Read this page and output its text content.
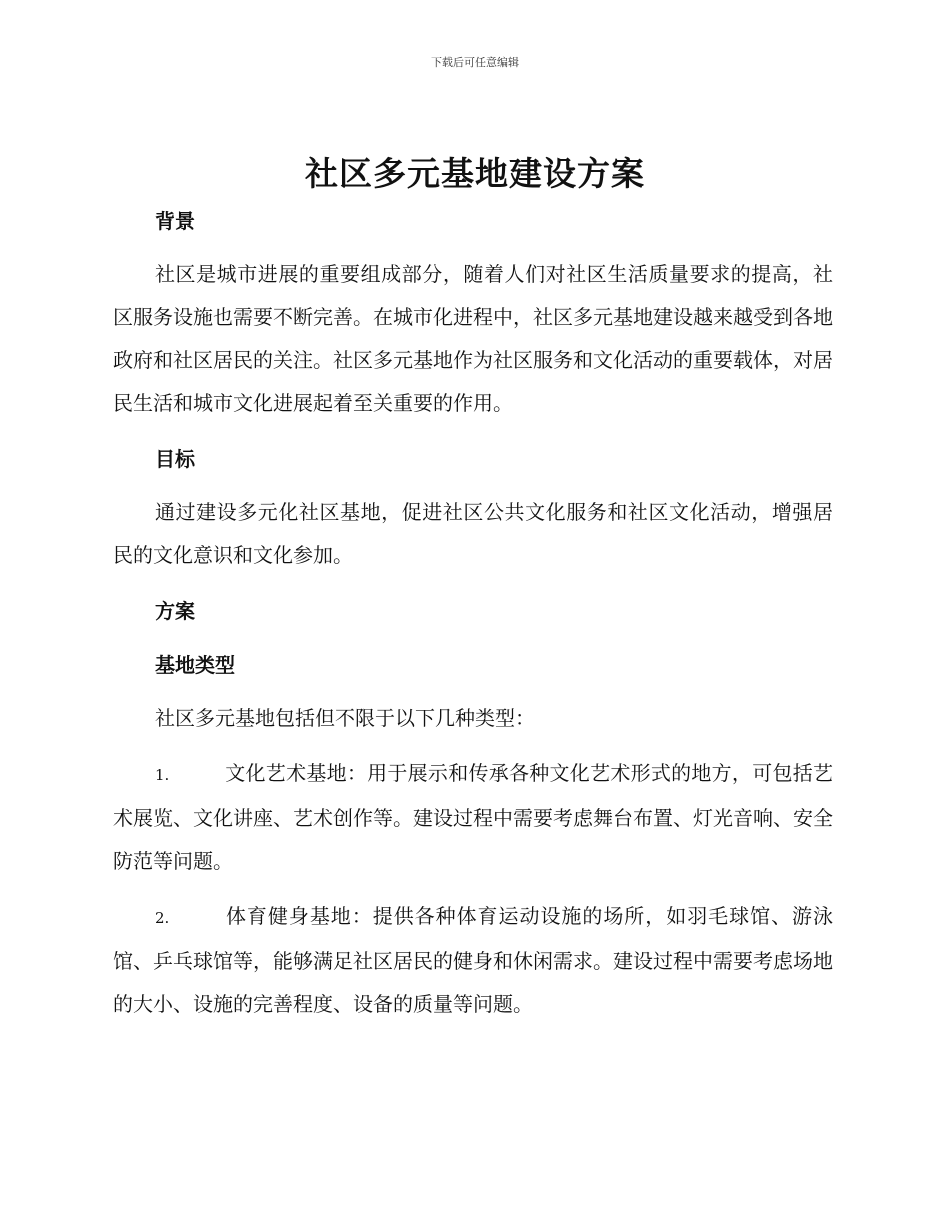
下载后可任意编辑
社区多元基地建设方案
背景

社区是城市进展的重要组成部分，随着人们对社区生活质量要求的提高，社区服务设施也需要不断完善。在城市化进程中，社区多元基地建设越来越受到各地政府和社区居民的关注。社区多元基地作为社区服务和文化活动的重要载体，对居民生活和城市文化进展起着至关重要的作用。

目标

通过建设多元化社区基地，促进社区公共文化服务和社区文化活动，增强居民的文化意识和文化参加。

方案
基地类型

社区多元基地包括但不限于以下几种类型：

1.	文化艺术基地：用于展示和传承各种文化艺术形式的地方，可包括艺术展览、文化讲座、艺术创作等。建设过程中需要考虑舞台布置、灯光音响、安全防范等问题。

2.	体育健身基地：提供各种体育运动设施的场所，如羽毛球馆、游泳馆、乒乓球馆等，能够满足社区居民的健身和休闲需求。建设过程中需要考虑场地的大小、设施的完善程度、设备的质量等问题。
